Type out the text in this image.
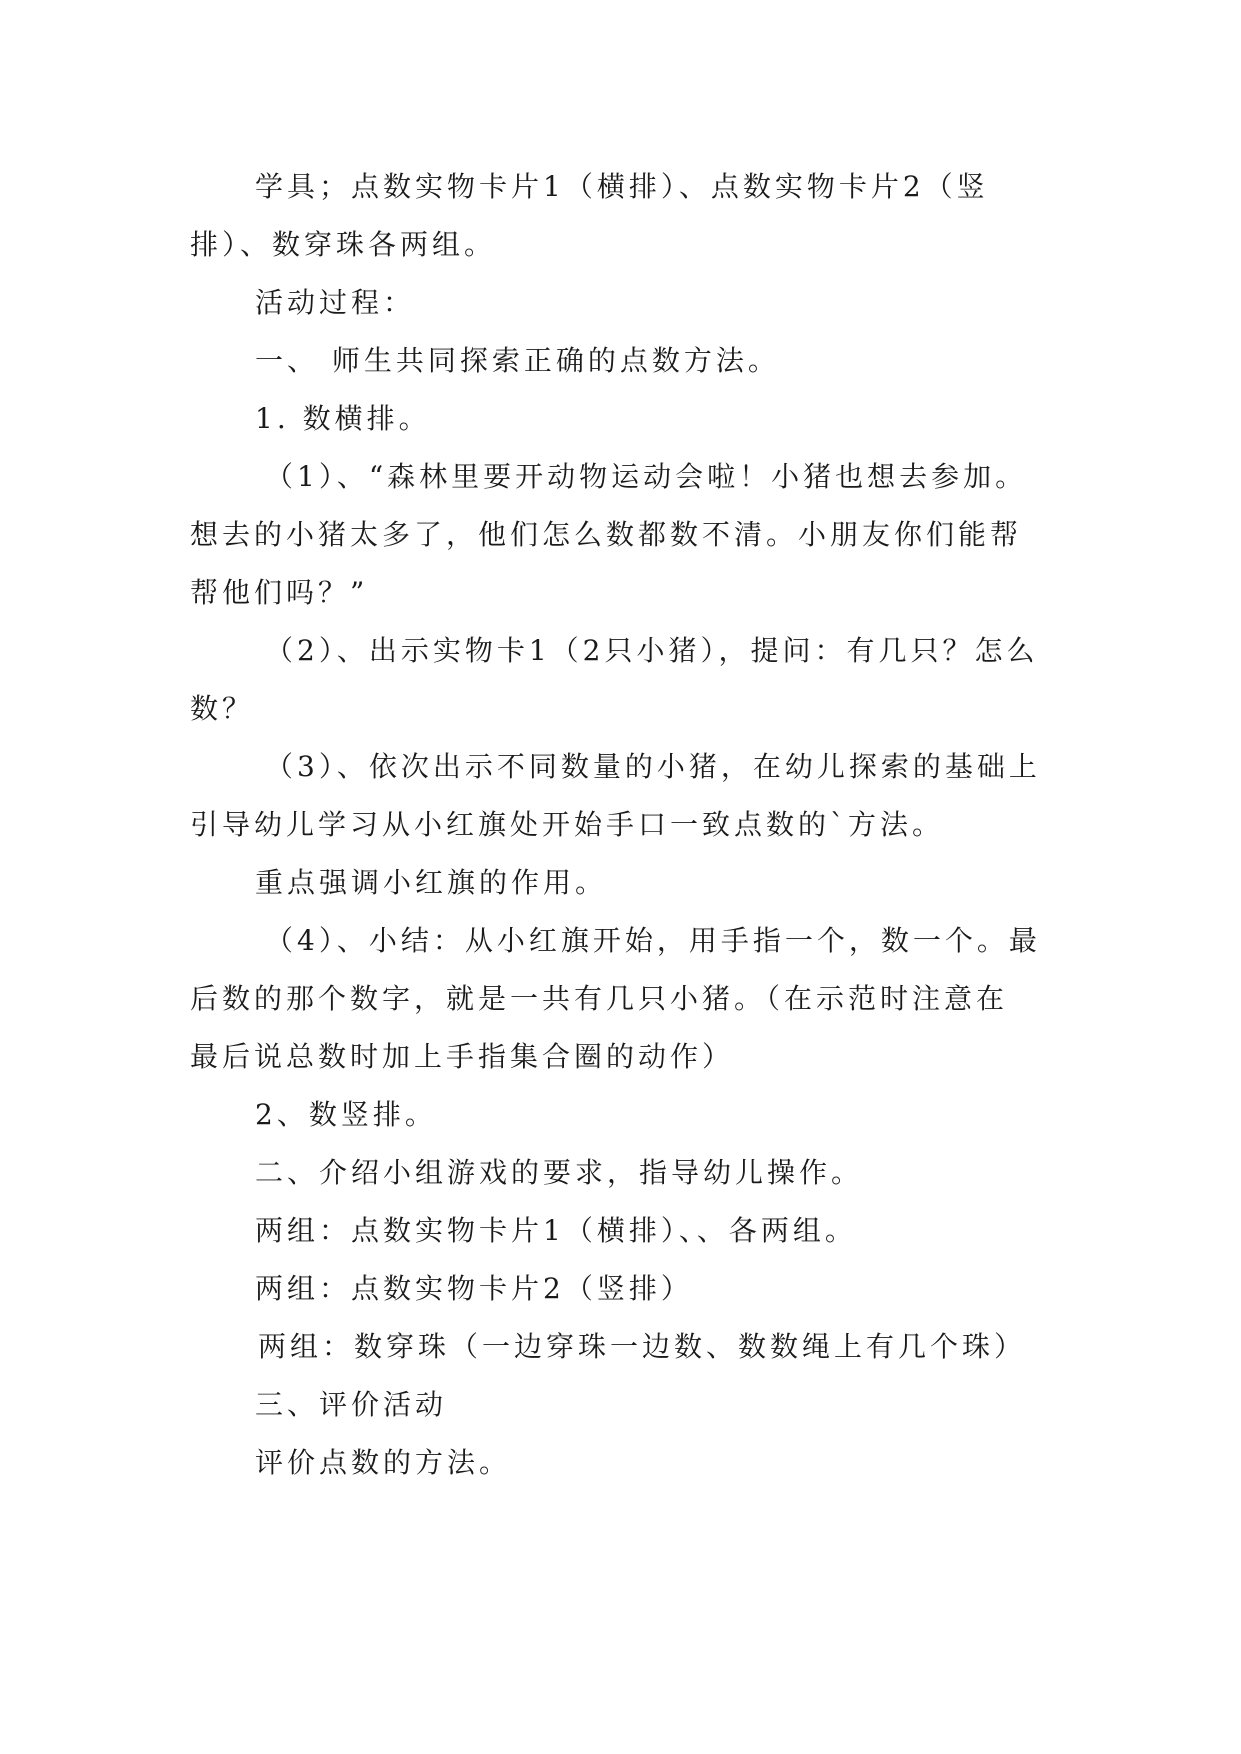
学具；点数实物卡片1（横排）、点数实物卡片2（竖
排）、数穿珠各两组。
活动过程：
一、 师生共同探索正确的点数方法。
1. 数横排。
（1）、“森林里要开动物运动会啦！小猪也想去参加。
想去的小猪太多了，他们怎么数都数不清。小朋友你们能帮
帮他们吗？”
（2）、出示实物卡1（2只小猪），提问：有几只？怎么
数？
（3）、依次出示不同数量的小猪，在幼儿探索的基础上
引导幼儿学习从小红旗处开始手口一致点数的`方法。
重点强调小红旗的作用。
（4）、小结：从小红旗开始，用手指一个，数一个。最
后数的那个数字，就是一共有几只小猪。（在示范时注意在
最后说总数时加上手指集合圈的动作）
2、数竖排。
二、介绍小组游戏的要求，指导幼儿操作。
两组：点数实物卡片1（横排）、、各两组。
两组：点数实物卡片2（竖排）
两组：数穿珠（一边穿珠一边数、数数绳上有几个珠）
三、评价活动
评价点数的方法。
